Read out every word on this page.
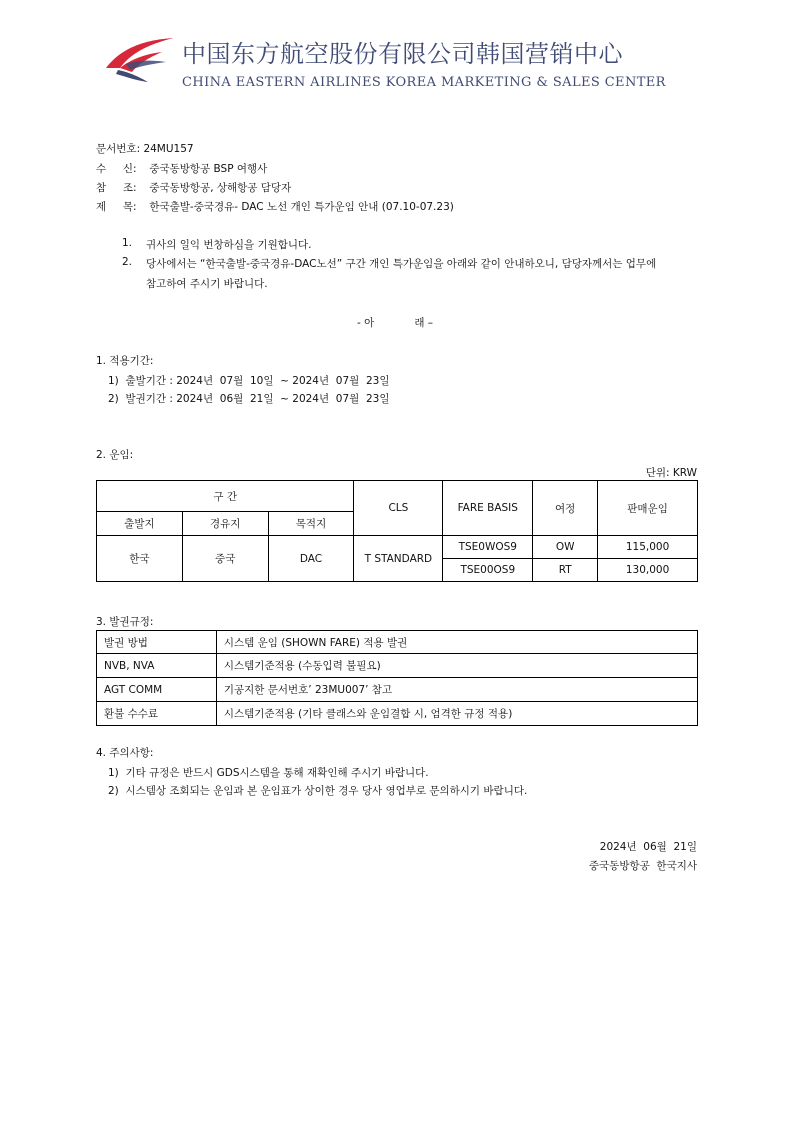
中国东方航空股份有限公司韩国营销中心
CHINA EASTERN AIRLINES KOREA MARKETING & SALES CENTER
문서번호: 24MU157
수     신: 중국동방항공 BSP 여행사
참     조: 중국동방항공, 상해항공 담당자
제     목: 한국출발-중국경유- DAC 노선 개인 특가운임 안내 (07.10-07.23)
1. 귀사의 일익 번창하심을 기원합니다.
2. 당사에서는 “한국출발-중국경유-DAC노선” 구간 개인 특가운임을 아래와 같이 안내하오니, 담당자께서는 업무에
참고하여 주시기 바랍니다.
- 아            래 –
1. 적용기간:
1)  출발기간 : 2024년  07월  10일  ~ 2024년  07월  23일
2)  발권기간 : 2024년  06월  21일  ~ 2024년  07월  23일
2. 운임:
단위: KRW
구 간			CLS	FARE BASIS	여정	판매운임
출발지	경유지	목적지				
한국	중국	DAC	T STANDARD	TSE0WOS9	OW	115,000
				TSE00OS9	RT	130,000
3. 발권규정:
발권 방법	시스템 운임 (SHOWN FARE) 적용 발권
NVB, NVA	시스템기준적용 (수동입력 불필요)
AGT COMM	기공지한 문서번호’ 23MU007’ 참고
환불 수수료	시스템기준적용 (기타 클래스와 운임결합 시, 엄격한 규정 적용)
4. 주의사항:
1)  기타 규정은 반드시 GDS시스템을 통해 재확인해 주시기 바랍니다.
2)  시스템상 조회되는 운임과 본 운임표가 상이한 경우 당사 영업부로 문의하시기 바랍니다.
2024년  06월  21일
중국동방항공  한국지사
